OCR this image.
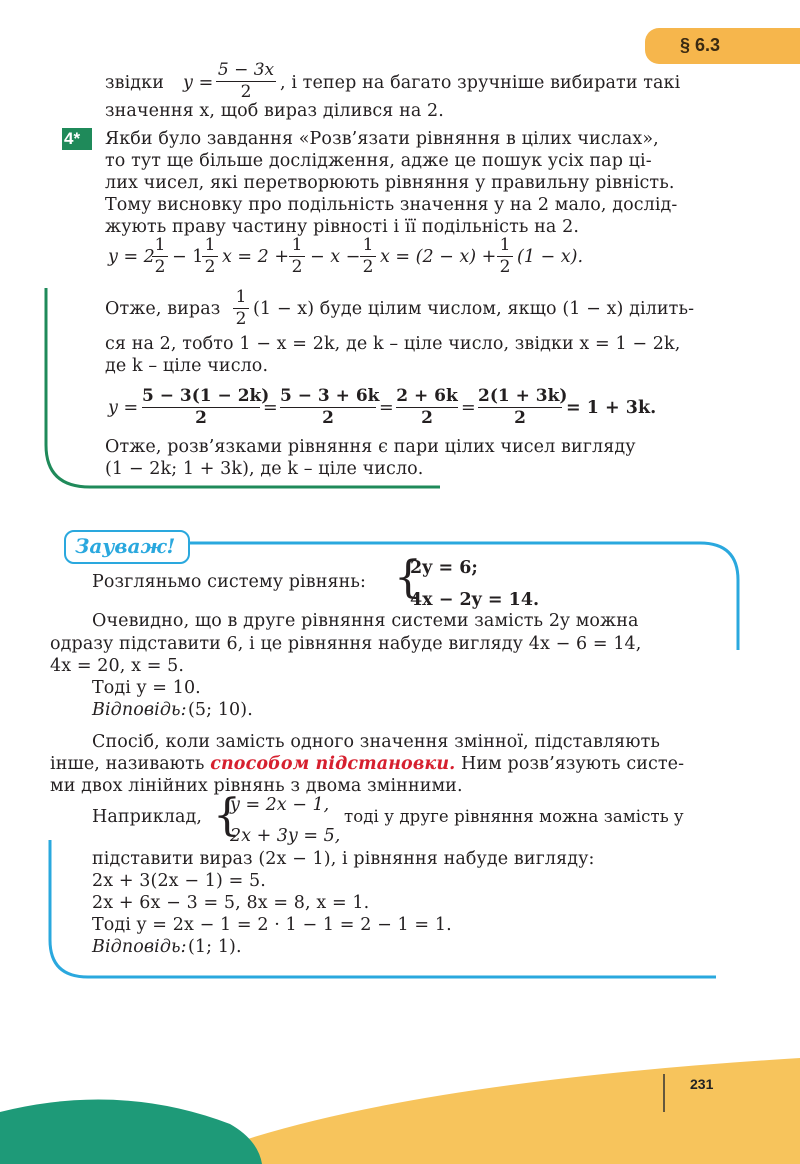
§ 6.3
звідки y =
5 − 3x
2	, і тепер на багато зручніше вибирати такі
значення x, щоб вираз ділився на 2.
4* Якби було завдання «Розв’язати рівняння в цілих числах»,
то тут ще більше дослідження, адже це пошук усіх пар ці-
лих чисел, які перетворюють рівняння у правильну рівність.
Тому висновку про подільність значення y на 2 мало, дослід-
жують праву частину рівності і її подільність на 2.
y = 2
1
2 − 1
1
2 x = 2 +
1
2 − x −
1
2 x = (2 − x) +
1
2 (1 − x).
Отже, вираз
1
2 (1 − x) буде цілим числом, якщо (1 − x) ділить-
ся на 2, тобто 1 − x = 2k, де k – ціле число, звідки x = 1 − 2k,
де k – ціле число.
y =
5 − 3(1 − 2k)
2	=
5 − 3 + 6k
2	=
2 + 6k
2	=
2(1 + 3k)
2	= 1 + 3k.
Отже, розв’язками рівняння є пари цілих чисел вигляду
(1 − 2k; 1 + 3k), де k – ціле число.
Зауваж!
Розгляньмо систему рівнянь: {
2y = 6;
4x − 2y = 14.
Очевидно, що в друге рівняння системи замість 2y можна
одразу підставити 6, і це рівняння набуде вигляду 4x − 6 = 14,
4x = 20, x = 5.
Тоді y = 10.
Відповідь: (5; 10).
Спосіб, коли замість одного значення змінної, підставляють
інше, називають способом підстановки. Ним розв’язують систе-
ми двох лінійних рівнянь з двома змінними.
Наприклад, {
y = 2x − 1,
2x + 3y = 5,
тоді у друге рівняння можна замість y
підставити вираз (2x − 1), і рівняння набуде вигляду:
2x + 3(2x − 1) = 5.
2x + 6x − 3 = 5, 8x = 8, x = 1.
Тоді y = 2x − 1 = 2 · 1 − 1 = 2 − 1 = 1.
Відповідь: (1; 1).
231
